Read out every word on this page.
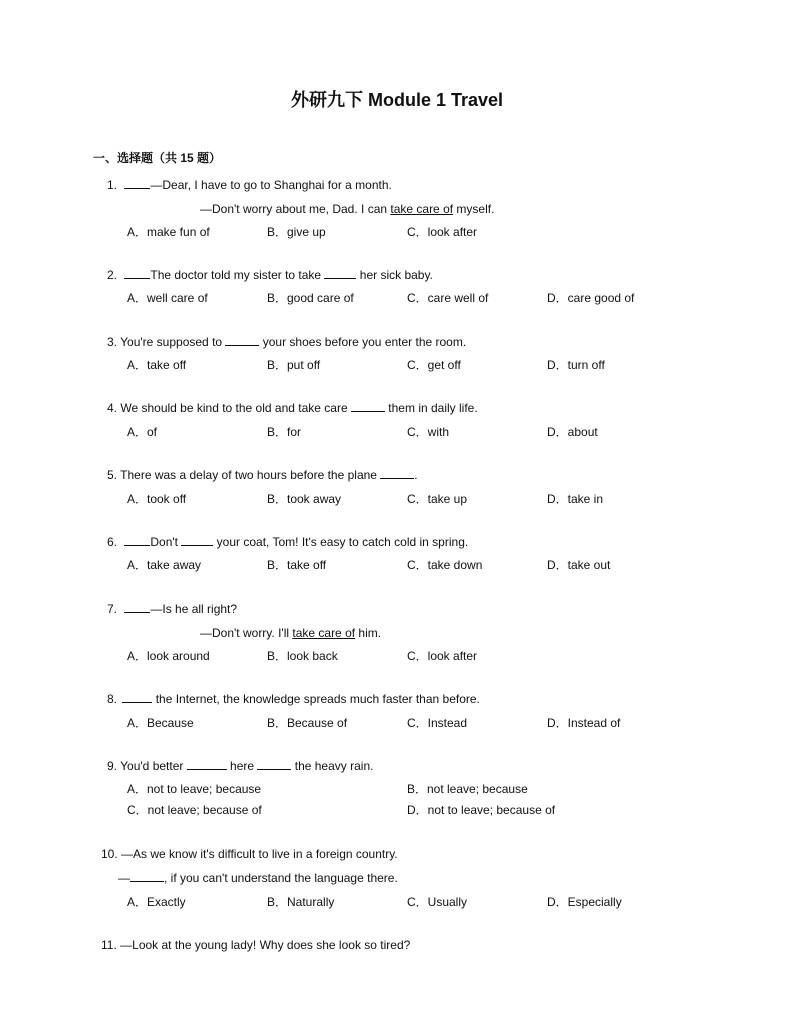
外研九下 Module 1 Travel
一、选择题（共 15 题）
1.	—Dear, I have to go to Shanghai for a month.
—Don't worry about me, Dad. I can take care of myself.
A．make fun of	B．give up	C．look after
2.	The doctor told my sister to take	her sick baby.
A．well care of	B．good care of	C．care well of	D．care good of
3. You're supposed to	your shoes before you enter the room.
A．take off	B．put off	C．get off	D．turn off
4. We should be kind to the old and take care	them in daily life.
A．of	B．for	C．with	D．about
5. There was a delay of two hours before the plane	.
A．took off	B．took away	C．take up	D．take in
6.	Don't	your coat, Tom! It's easy to catch cold in spring.
A．take away	B．take off	C．take down	D．take out
7.	—Is he all right?
—Don't worry. I'll take care of him.
A．look around	B．look back	C．look after
8.	the Internet, the knowledge spreads much faster than before.
A．Because	B．Because of	C．Instead	D．Instead of
9. You'd better	here	the heavy rain.
A．not to leave; because	B．not leave; because
C．not leave; because of	D．not to leave; because of
10. —As we know it's difficult to live in a foreign country.
—	, if you can't understand the language there.
A．Exactly	B．Naturally	C．Usually	D．Especially
11. —Look at the young lady! Why does she look so tired?
